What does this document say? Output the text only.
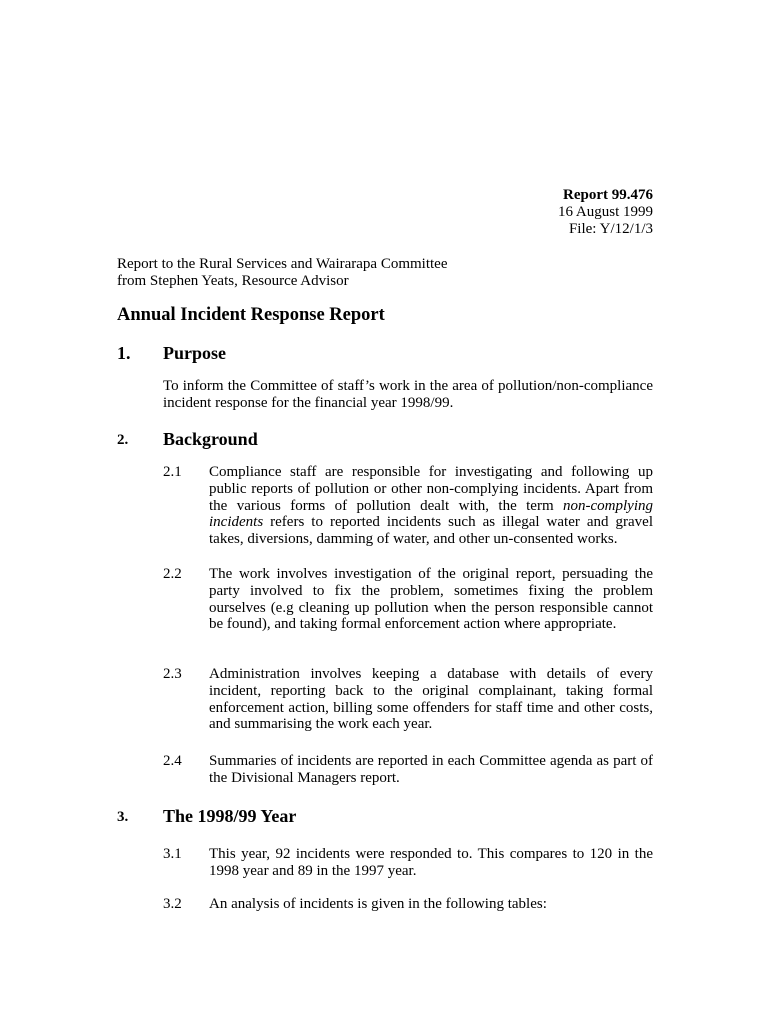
Report 99.476
16 August 1999
File: Y/12/1/3
Report to the Rural Services and Wairarapa Committee
from Stephen Yeats, Resource Advisor
Annual Incident Response Report
1. Purpose
To inform the Committee of staff’s work in the area of pollution/non-compliance incident response for the financial year 1998/99.
2. Background
2.1 Compliance staff are responsible for investigating and following up public reports of pollution or other non-complying incidents. Apart from the various forms of pollution dealt with, the term non-complying incidents refers to reported incidents such as illegal water and gravel takes, diversions, damming of water, and other un-consented works.
2.2 The work involves investigation of the original report, persuading the party involved to fix the problem, sometimes fixing the problem ourselves (e.g cleaning up pollution when the person responsible cannot be found), and taking formal enforcement action where appropriate.
2.3 Administration involves keeping a database with details of every incident, reporting back to the original complainant, taking formal enforcement action, billing some offenders for staff time and other costs, and summarising the work each year.
2.4 Summaries of incidents are reported in each Committee agenda as part of the Divisional Managers report.
3. The 1998/99 Year
3.1 This year, 92 incidents were responded to. This compares to 120 in the 1998 year and 89 in the 1997 year.
3.2 An analysis of incidents is given in the following tables:
